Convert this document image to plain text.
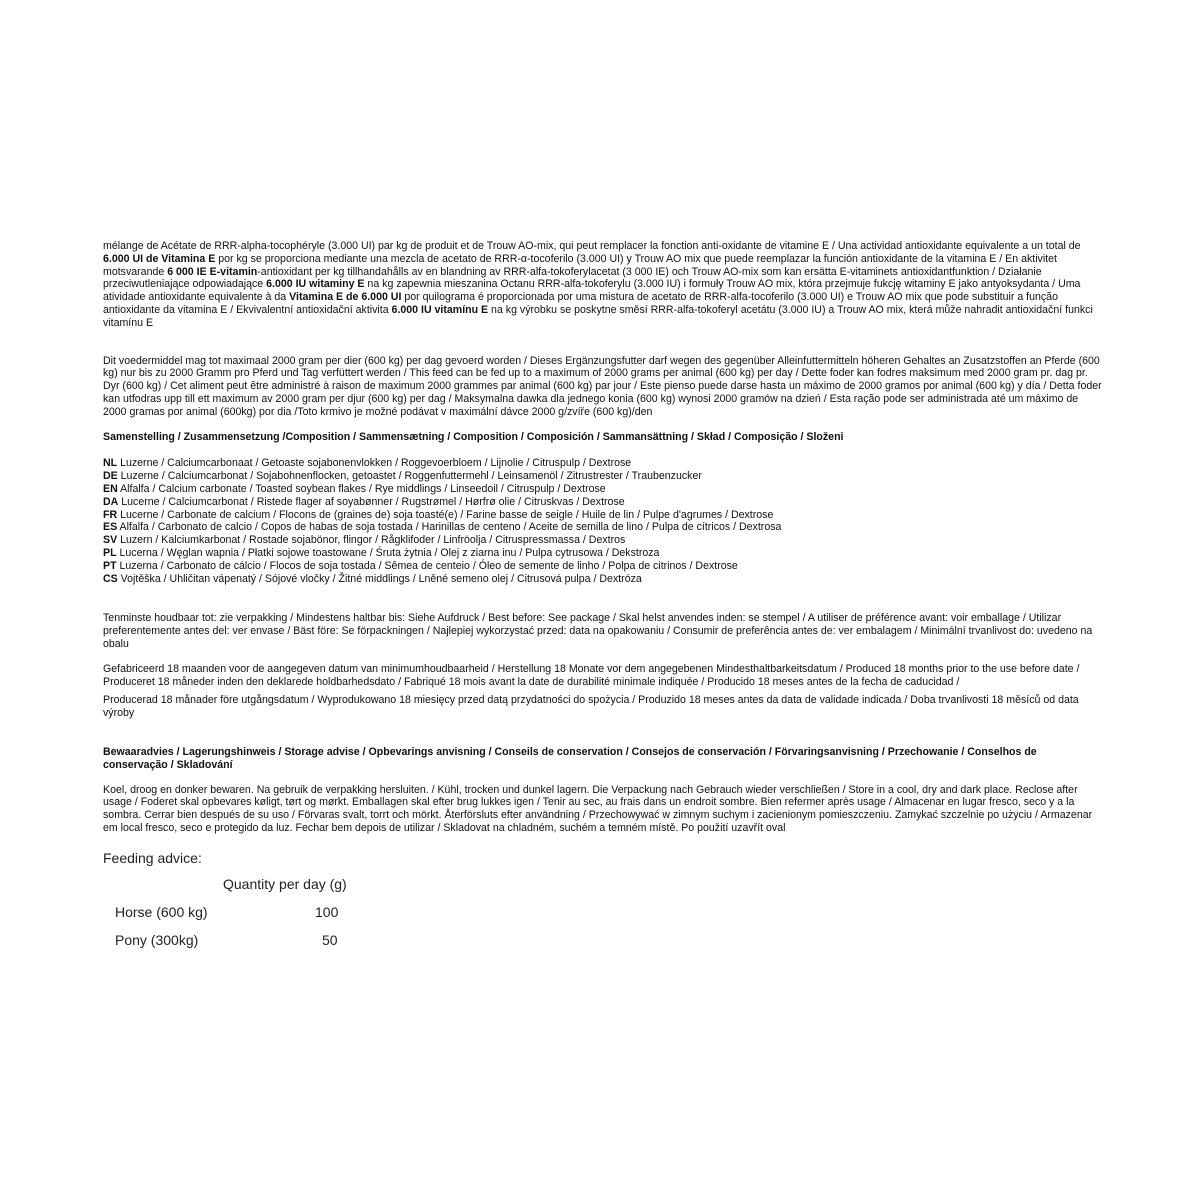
mélange de Acétate de RRR-alpha-tocophéryle (3.000 UI) par kg de produit et de Trouw AO-mix, qui peut remplacer la fonction anti-oxidante de vitamine E / Una actividad antioxidante equivalente a un total de 6.000 UI de Vitamina E por kg se proporciona mediante una mezcla de acetato de RRR-α-tocoferilo (3.000 UI) y Trouw AO mix que puede reemplazar la función antioxidante de la vitamina E / En aktivitet motsvarande 6 000 IE E-vitamin-antioxidant per kg tillhandahålls av en blandning av RRR-alfa-tokoferylacetat (3 000 IE) och Trouw AO-mix som kan ersätta E-vitaminets antioxidantfunktion / Działanie przeciwutleniające odpowiadające 6.000 IU witaminy E na kg zapewnia mieszanina Octanu RRR-alfa-tokoferylu (3.000 IU) i formuły Trouw AO mix, która przejmuje fukcję witaminy E jako antyoksydanta / Uma atividade antioxidante equivalente à da Vitamina E de 6.000 UI por quilograma é proporcionada por uma mistura de acetato de RRR-alfa-tocoferilo (3.000 UI) e Trouw AO mix que pode substituir a função antioxidante da vitamina E / Ekvivalentní antioxidační aktivita 6.000 IU vitamínu E na kg výrobku se poskytne směsí RRR-alfa-tokoferyl acetátu (3.000 IU) a Trouw AO mix, která může nahradit antioxidační funkci vitamínu E

Dit voedermiddel mag tot maximaal 2000 gram per dier (600 kg) per dag gevoerd worden / Dieses Ergänzungsfutter darf wegen des gegenüber Alleinfuttermitteln höheren Gehaltes an Zusatzstoffen an Pferde (600 kg) nur bis zu 2000 Gramm pro Pferd und Tag verfüttert werden / This feed can be fed up to a maximum of 2000 grams per animal (600 kg) per day / Dette foder kan fodres maksimum med 2000 gram pr. dag pr. Dyr (600 kg) / Cet aliment peut être administré à raison de maximum 2000 grammes par animal (600 kg) par jour / Este pienso puede darse hasta un máximo de 2000 gramos por animal (600 kg) y día / Detta foder kan utfodras upp till ett maximum av 2000 gram per djur (600 kg) per dag / Maksymalna dawka dla jednego konia (600 kg) wynosi 2000 gramów na dzień / Esta ração pode ser administrada até um máximo de 2000 gramas por animal (600kg) por dia /Toto krmivo je možné podávat v maximální dávce 2000 g/zvíře (600 kg)/den

Samenstelling / Zusammensetzung /Composition / Sammensætning / Composition / Composición / Sammansättning / Skład / Composição / Složeni

NL Luzerne / Calciumcarbonaat / Getoaste sojabonenvlokken / Roggevoerbloem / Lijnolie / Citruspulp / Dextrose
DE Luzerne / Calciumcarbonat / Sojabohnenflocken, getoastet / Roggenfuttermehl / Leinsamenöl / Zitrustrester / Traubenzucker
EN Alfalfa / Calcium carbonate / Toasted soybean flakes / Rye middlings / Linseedoil / Citruspulp / Dextrose
DA Lucerne / Calciumcarbonat / Ristede flager af soyabønner / Rugstrømel / Hørfrø olie / Citruskvas / Dextrose
FR Lucerne / Carbonate de calcium / Flocons de (graines de) soja toasté(e) / Farine basse de seigle / Huile de lin / Pulpe d'agrumes / Dextrose
ES Alfalfa / Carbonato de calcio / Copos de habas de soja tostada / Harinillas de centeno / Aceite de semilla de lino / Pulpa de cítricos / Dextrosa
SV Luzern / Kalciumkarbonat / Rostade sojabönor, flingor / Rågklifoder / Linfröolja / Citruspressmassa / Dextros
PL Lucerna / Węglan wapnia / Płatki sojowe toastowane / Śruta żytnia / Olej z ziarna inu / Pulpa cytrusowa / Dekstroza
PT Luzerna / Carbonato de cálcio / Flocos de soja tostada / Sêmea de centeio / Óleo de semente de linho / Polpa de citrinos / Dextrose
CS Vojtěška / Uhličitan vápenatý / Sójové vločky / Žitné middlings / Lněné semeno olej / Citrusová pulpa / Dextróza

Tenminste houdbaar tot: zie verpakking / Mindestens haltbar bis: Siehe Aufdruck / Best before: See package / Skal helst anvendes inden: se stempel / A utiliser de préférence avant: voir emballage / Utilizar preferentemente antes del: ver envase / Bäst före: Se förpackningen / Najlepiej wykorzystać przed: data na opakowaniu / Consumir de preferência antes de: ver embalagem / Minimální trvanlivost do: uvedeno na obalu

Gefabriceerd 18 maanden voor de aangegeven datum van minimumhoudbaarheid / Herstellung 18 Monate vor dem angegebenen Mindesthaltbarkeitsdatum / Produced 18 months prior to the use before date / Produceret 18 måneder inden den deklarede holdbarhedsdato / Fabriqué 18 mois avant la date de durabilité minimale indiquée / Producido 18 meses antes de la fecha de caducidad /

Producerad 18 månader före utgångsdatum / Wyprodukowano 18 miesięcy przed datą przydatności do spożycia / Produzido 18 meses antes da data de validade indicada / Doba trvanlivosti 18 měsíců od data výroby

Bewaaradvies / Lagerungshinweis / Storage advise / Opbevarings anvisning / Conseils de conservation / Consejos de conservación / Förvaringsanvisning / Przechowanie / Conselhos de conservação / Skladování

Koel, droog en donker bewaren. Na gebruik de verpakking hersluiten. / Kühl, trocken und dunkel lagern. Die Verpackung nach Gebrauch wieder verschließen / Store in a cool, dry and dark place. Reclose after usage / Foderet skal opbevares køligt, tørt og mørkt. Emballagen skal efter brug lukkes igen / Tenir au sec, au frais dans un endroit sombre. Bien refermer après usage / Almacenar en lugar fresco, seco y a la sombra. Cerrar bien después de su uso / Förvaras svalt, torrt och mörkt. Återförsluts efter användning / Przechowywać w zimnym suchym i zacienionym pomieszczeniu. Zamykać szczelnie po użyciu / Armazenar em local fresco, seco e protegido da luz. Fechar bem depois de utilizar / Skladovat na chladném, suchém a temném místě. Po použití uzavřít oval

Feeding advice:

Quantity per day (g)
Horse (600 kg)	100
Pony (300kg)	50
